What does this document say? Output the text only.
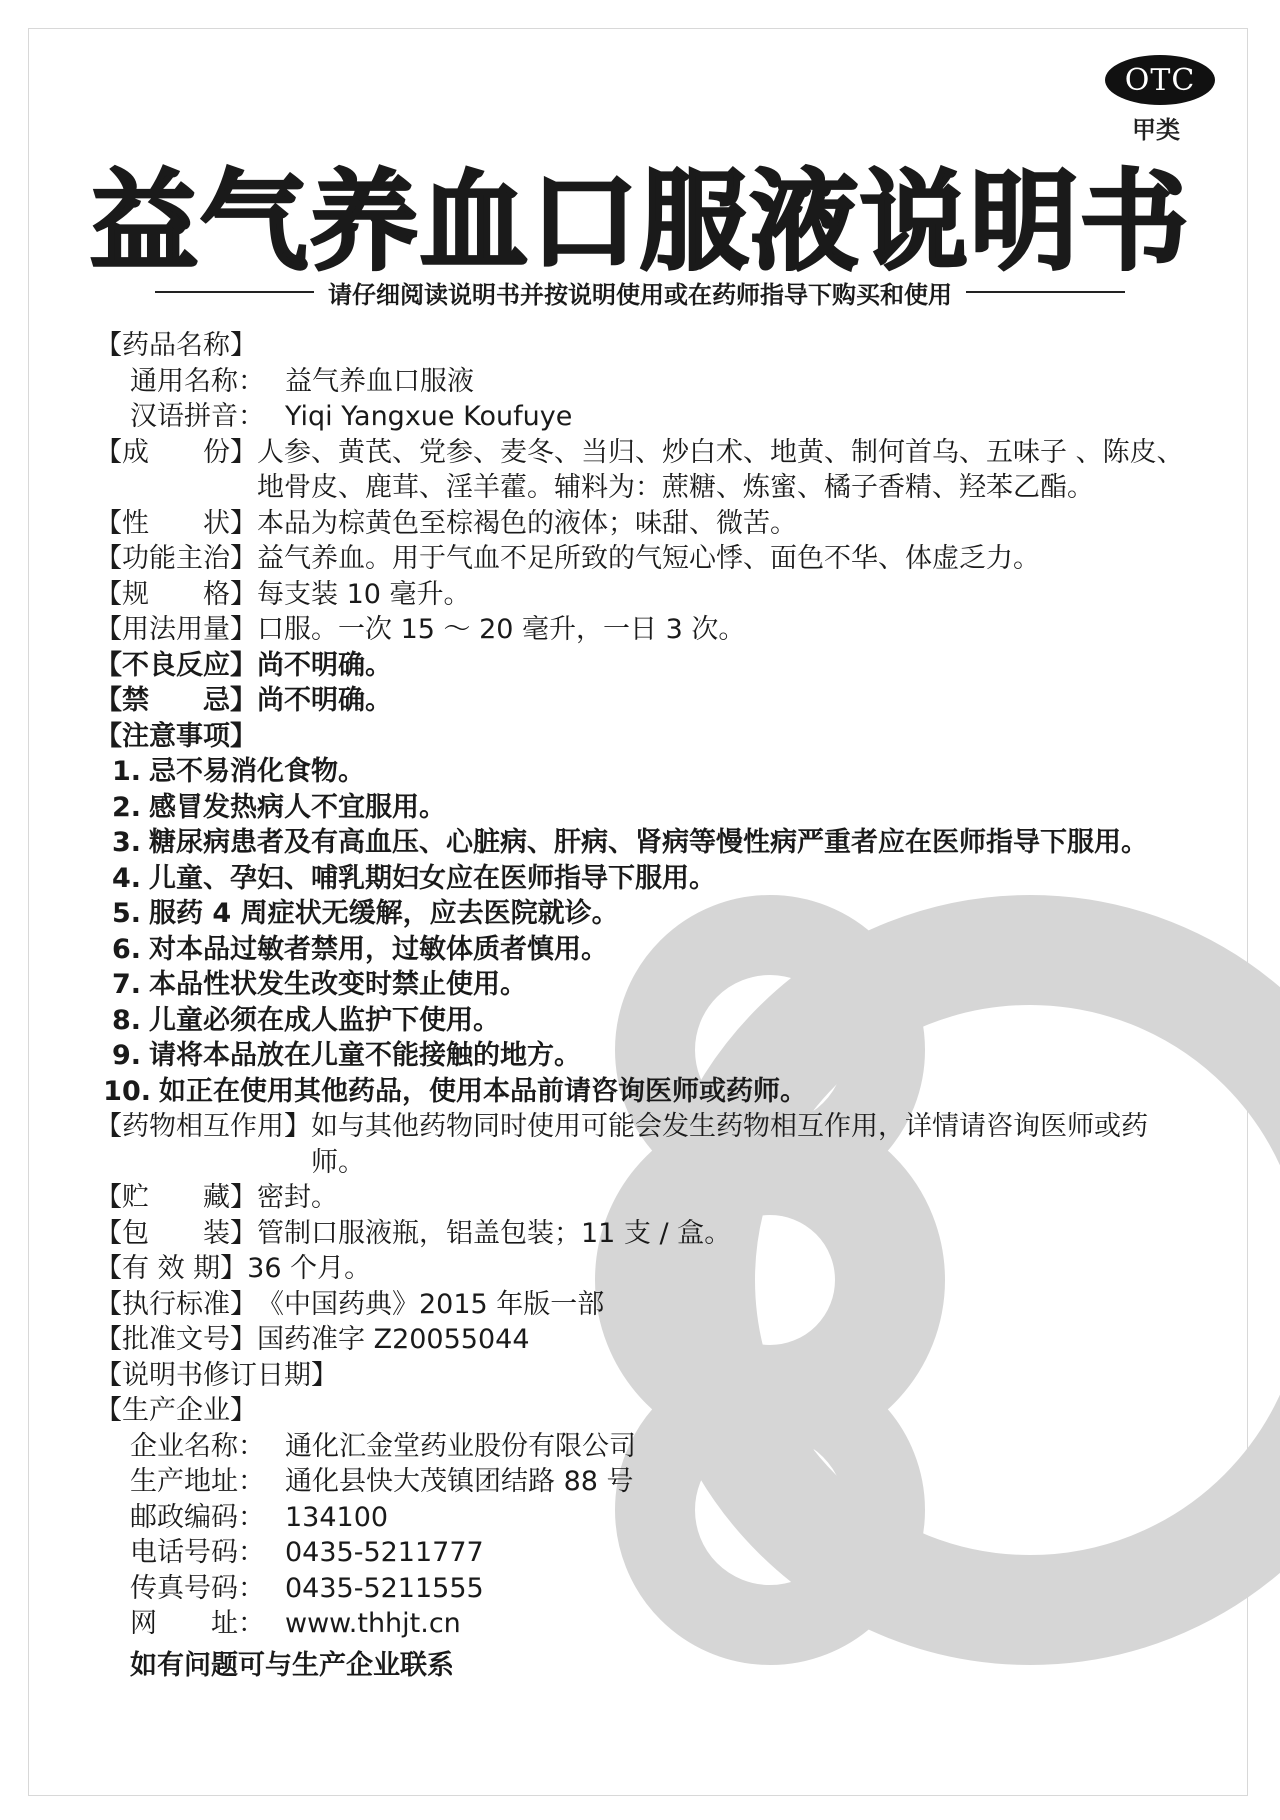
OTC
甲类
益气养血口服液说明书
请仔细阅读说明书并按说明使用或在药师指导下购买和使用
【药品名称】
通用名称： 益气养血口服液
汉语拼音： Yiqi Yangxue Koufuye
【成　　份】 人参、黄芪、党参、麦冬、当归、炒白术、地黄、制何首乌、五味子 、陈皮、地骨皮、鹿茸、淫羊藿。辅料为：蔗糖、炼蜜、橘子香精、羟苯乙酯。
【性　　状】 本品为棕黄色至棕褐色的液体；味甜、微苦。
【功能主治】 益气养血。用于气血不足所致的气短心悸、面色不华、体虚乏力。
【规　　格】 每支装 10 毫升。
【用法用量】 口服。一次 15 ～ 20 毫升，一日 3 次。
【不良反应】 尚不明确。
【禁　　忌】 尚不明确。
【注意事项】
1. 忌不易消化食物。
2. 感冒发热病人不宜服用。
3. 糖尿病患者及有高血压、心脏病、肝病、肾病等慢性病严重者应在医师指导下服用。
4. 儿童、孕妇、哺乳期妇女应在医师指导下服用。
5. 服药 4 周症状无缓解，应去医院就诊。
6. 对本品过敏者禁用，过敏体质者慎用。
7. 本品性状发生改变时禁止使用。
8. 儿童必须在成人监护下使用。
9. 请将本品放在儿童不能接触的地方。
10. 如正在使用其他药品，使用本品前请咨询医师或药师。
【药物相互作用】 如与其他药物同时使用可能会发生药物相互作用，详情请咨询医师或药师。
【贮　　藏】 密封。
【包　　装】 管制口服液瓶，铝盖包装；11 支 / 盒。
【有 效 期】 36 个月。
【执行标准】 《中国药典》2015 年版一部
【批准文号】 国药准字 Z20055044
【说明书修订日期】
【生产企业】
企业名称： 通化汇金堂药业股份有限公司
生产地址： 通化县快大茂镇团结路 88 号
邮政编码： 134100
电话号码： 0435-5211777
传真号码： 0435-5211555
网　　址： www.thhjt.cn
如有问题可与生产企业联系
